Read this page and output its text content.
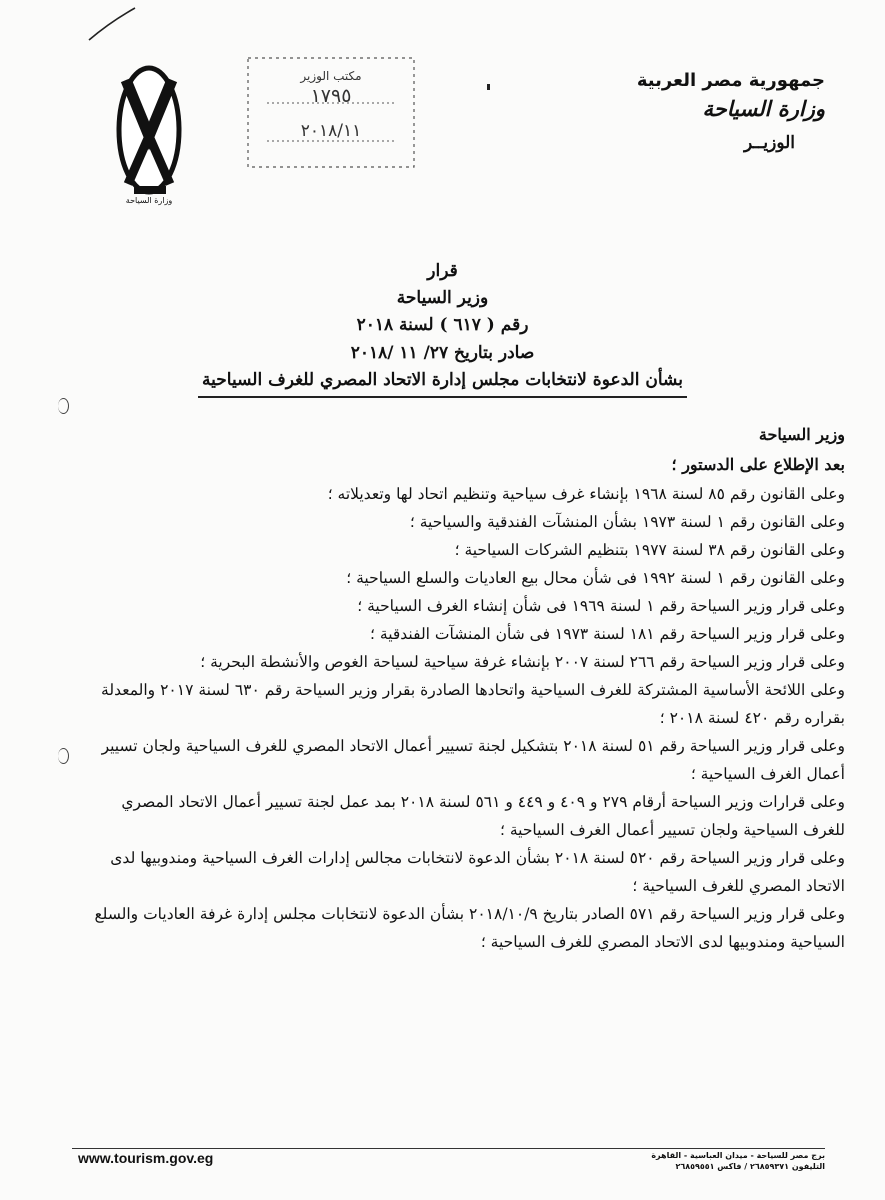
وزارة السياحة
مكتب الوزير
١٧٩٥
٢٠١٨/١١
جمهورية مصر العربية
وزارة السياحة
الوزيــر
قرار
وزير السياحة
رقم ( ٦١٧ ) لسنة ٢٠١٨
صادر بتاريخ ٢٧/ ١١ /٢٠١٨
بشأن الدعوة لانتخابات مجلس إدارة الاتحاد المصري للغرف السياحية
وزير السياحة
بعد الإطلاع على الدستور ؛
وعلى القانون رقم ٨٥ لسنة ١٩٦٨ بإنشاء غرف سياحية وتنظيم اتحاد لها وتعديلاته ؛
وعلى القانون رقم ١ لسنة ١٩٧٣ بشأن المنشآت الفندقية والسياحية ؛
وعلى القانون رقم ٣٨ لسنة ١٩٧٧ بتنظيم الشركات السياحية ؛
وعلى القانون رقم ١ لسنة ١٩٩٢ فى شأن محال بيع العاديات والسلع السياحية ؛
وعلى قرار وزير السياحة رقم ١ لسنة ١٩٦٩ فى شأن إنشاء الغرف السياحية ؛
وعلى قرار وزير السياحة رقم ١٨١ لسنة ١٩٧٣ فى شأن المنشآت الفندقية ؛
وعلى قرار وزير السياحة رقم ٢٦٦ لسنة ٢٠٠٧ بإنشاء غرفة سياحية لسياحة الغوص والأنشطة البحرية ؛
وعلى اللائحة الأساسية المشتركة للغرف السياحية واتحادها الصادرة بقرار وزير السياحة رقم ٦٣٠ لسنة ٢٠١٧ والمعدلة بقراره رقم ٤٢٠ لسنة ٢٠١٨ ؛
وعلى قرار وزير السياحة رقم ٥١ لسنة ٢٠١٨ بتشكيل لجنة تسيير أعمال الاتحاد المصري للغرف السياحية ولجان تسيير أعمال الغرف السياحية ؛
وعلى قرارات وزير السياحة أرقام ٢٧٩ و ٤٠٩ و ٤٤٩ و ٥٦١ لسنة ٢٠١٨ بمد عمل لجنة تسيير أعمال الاتحاد المصري للغرف السياحية ولجان تسيير أعمال الغرف السياحية ؛
وعلى قرار وزير السياحة رقم ٥٢٠ لسنة ٢٠١٨ بشأن الدعوة لانتخابات مجالس إدارات الغرف السياحية ومندوبيها لدى الاتحاد المصري للغرف السياحية ؛
وعلى قرار وزير السياحة رقم ٥٧١ الصادر بتاريخ ٢٠١٨/١٠/٩ بشأن الدعوة لانتخابات مجلس إدارة غرفة العاديات والسلع السياحية ومندوبيها لدى الاتحاد المصري للغرف السياحية ؛
www.tourism.gov.eg	برج مصر للسياحة - ميدان العباسية - القاهرة
التليفون ٢٦٨٥٩٣٧١ / فاكس ٢٦٨٥٩٥٥١
